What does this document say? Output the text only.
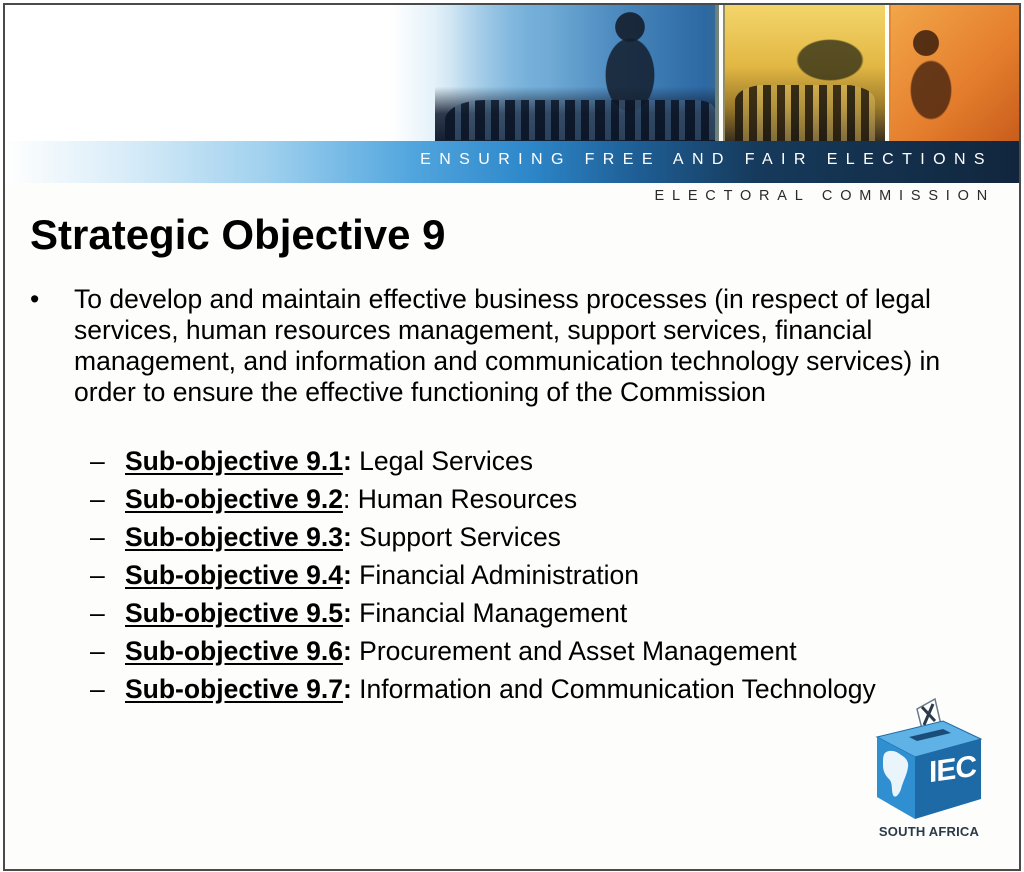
ENSURING FREE AND FAIR ELECTIONS
ELECTORAL COMMISSION
Strategic Objective 9
•	To develop and maintain effective business processes (in respect of legal services, human resources management, support services, financial management, and information and communication technology services) in order to ensure the effective functioning of the Commission
– Sub-objective 9.1: Legal Services
– Sub-objective 9.2: Human Resources
– Sub-objective 9.3: Support Services
– Sub-objective 9.4: Financial Administration
– Sub-objective 9.5: Financial Management
– Sub-objective 9.6: Procurement and Asset Management
– Sub-objective 9.7: Information and Communication Technology
IEC
SOUTH AFRICA
